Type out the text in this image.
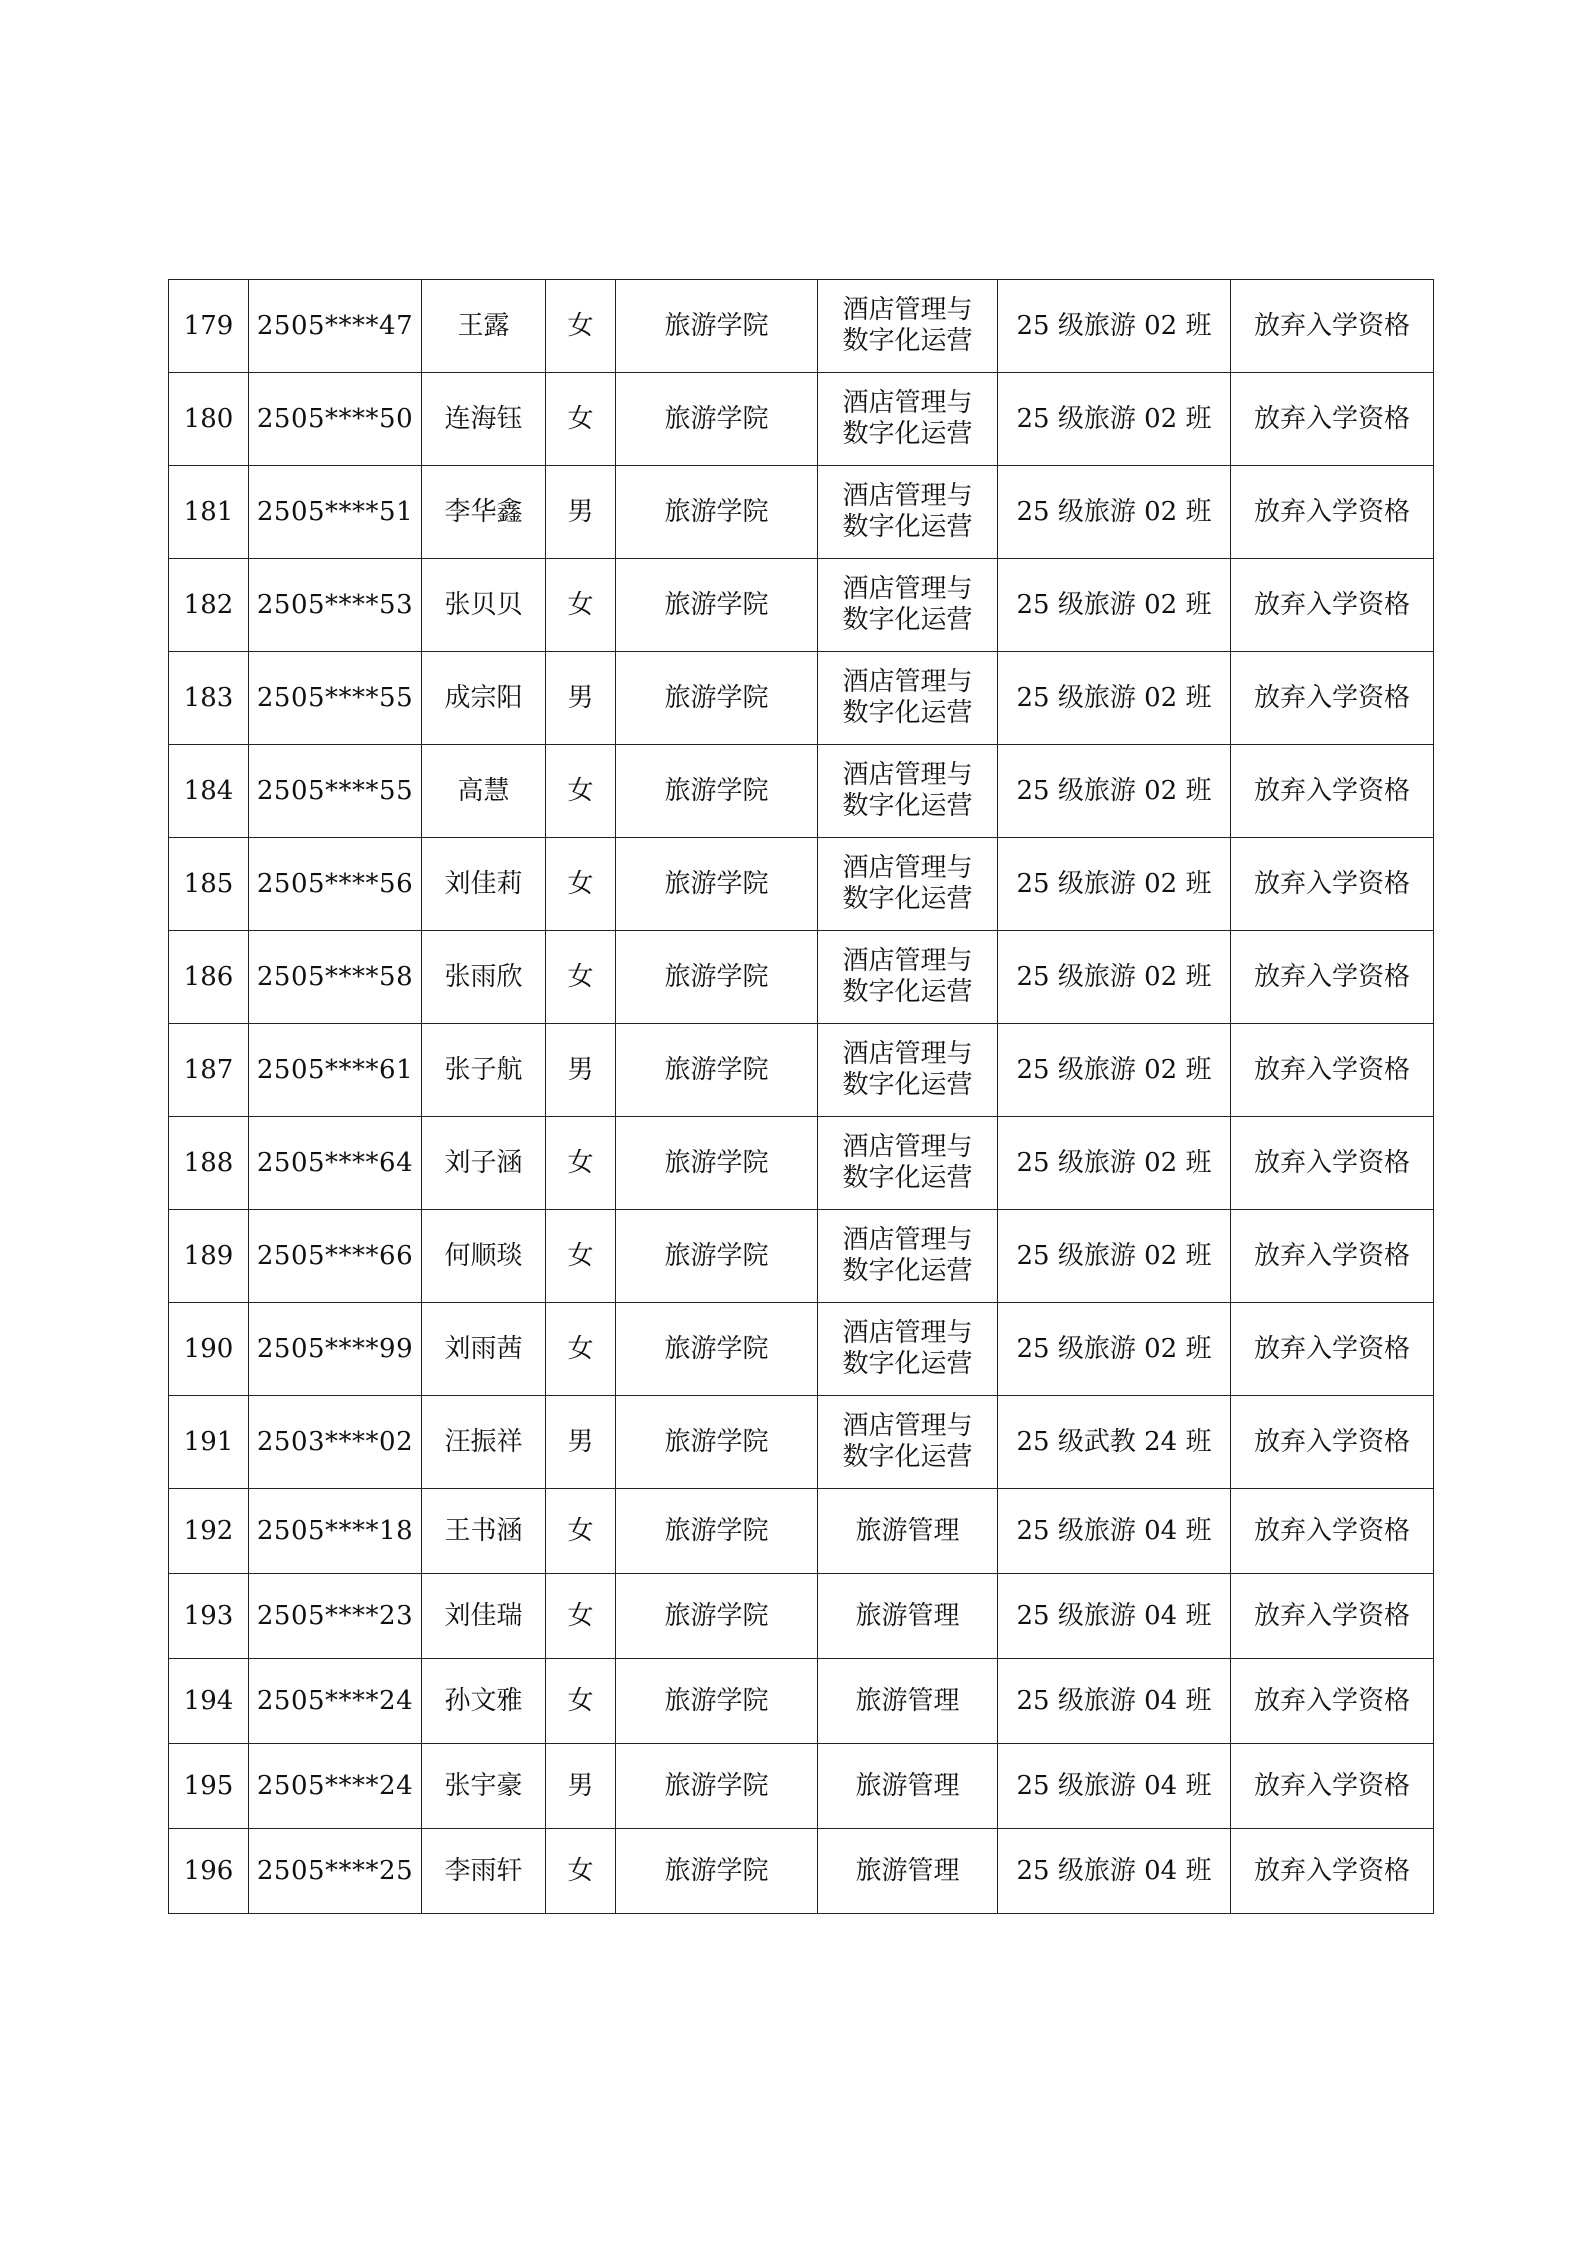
179	2505****47	王露	女	旅游学院	酒店管理与数字化运营	25 级旅游 02 班	放弃入学资格
180	2505****50	连海钰	女	旅游学院	酒店管理与数字化运营	25 级旅游 02 班	放弃入学资格
181	2505****51	李华鑫	男	旅游学院	酒店管理与数字化运营	25 级旅游 02 班	放弃入学资格
182	2505****53	张贝贝	女	旅游学院	酒店管理与数字化运营	25 级旅游 02 班	放弃入学资格
183	2505****55	成宗阳	男	旅游学院	酒店管理与数字化运营	25 级旅游 02 班	放弃入学资格
184	2505****55	高慧	女	旅游学院	酒店管理与数字化运营	25 级旅游 02 班	放弃入学资格
185	2505****56	刘佳莉	女	旅游学院	酒店管理与数字化运营	25 级旅游 02 班	放弃入学资格
186	2505****58	张雨欣	女	旅游学院	酒店管理与数字化运营	25 级旅游 02 班	放弃入学资格
187	2505****61	张子航	男	旅游学院	酒店管理与数字化运营	25 级旅游 02 班	放弃入学资格
188	2505****64	刘子涵	女	旅游学院	酒店管理与数字化运营	25 级旅游 02 班	放弃入学资格
189	2505****66	何顺琰	女	旅游学院	酒店管理与数字化运营	25 级旅游 02 班	放弃入学资格
190	2505****99	刘雨茜	女	旅游学院	酒店管理与数字化运营	25 级旅游 02 班	放弃入学资格
191	2503****02	汪振祥	男	旅游学院	酒店管理与数字化运营	25 级武教 24 班	放弃入学资格
192	2505****18	王书涵	女	旅游学院	旅游管理	25 级旅游 04 班	放弃入学资格
193	2505****23	刘佳瑞	女	旅游学院	旅游管理	25 级旅游 04 班	放弃入学资格
194	2505****24	孙文雅	女	旅游学院	旅游管理	25 级旅游 04 班	放弃入学资格
195	2505****24	张宇豪	男	旅游学院	旅游管理	25 级旅游 04 班	放弃入学资格
196	2505****25	李雨轩	女	旅游学院	旅游管理	25 级旅游 04 班	放弃入学资格
